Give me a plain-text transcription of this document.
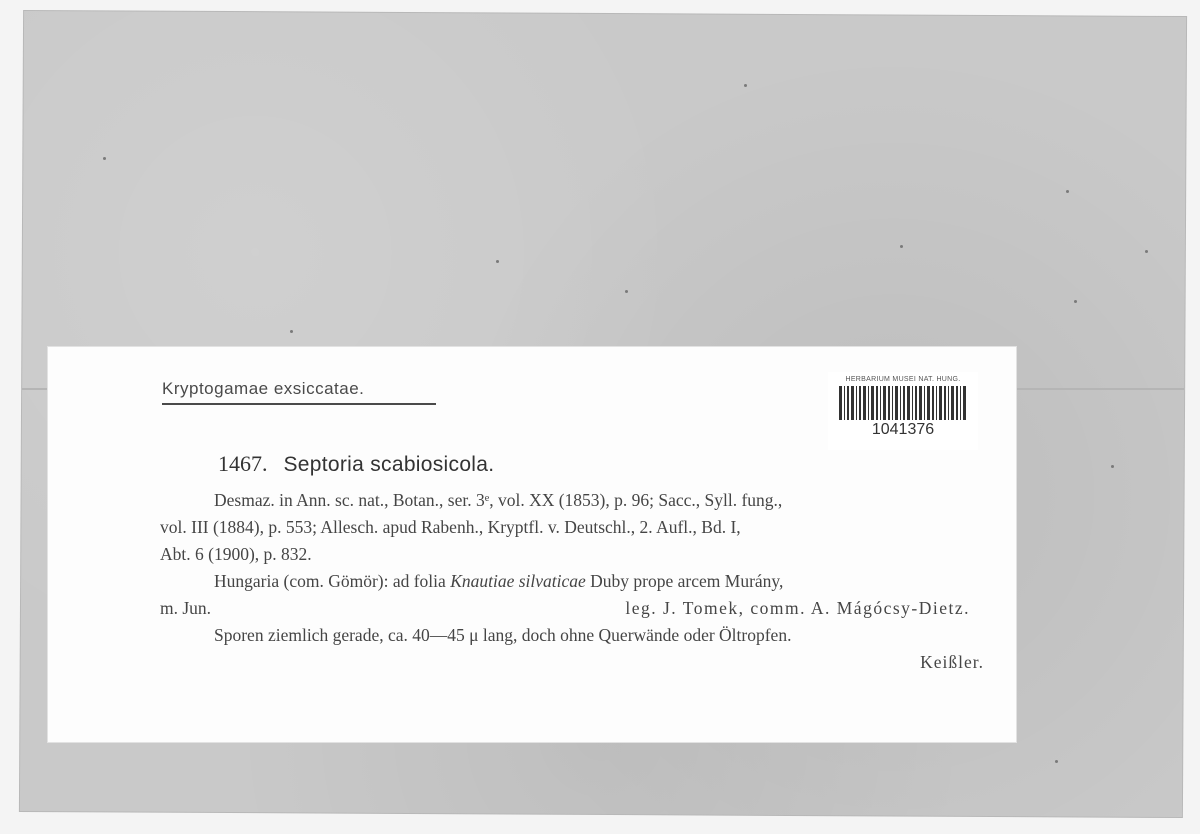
Kryptogamae exsiccatae.	HERBARIUM MUSEI NAT. HUNG.
1041376
1467. Septoria scabiosicola.
Desmaz. in Ann. sc. nat., Botan., ser. 3ᵉ, vol. XX (1853), p. 96; Sacc., Syll. fung.,
vol. III (1884), p. 553; Allesch. apud Rabenh., Kryptfl. v. Deutschl., 2. Aufl., Bd. I,
Abt. 6 (1900), p. 832.
Hungaria (com. Gömör): ad folia Knautiae silvaticae Duby prope arcem Murány,
m. Jun.	leg. J. Tomek, comm. A. Mágócsy-Dietz.
Sporen ziemlich gerade, ca. 40—45 μ lang, doch ohne Querwände oder Öltropfen.
Keißler.
